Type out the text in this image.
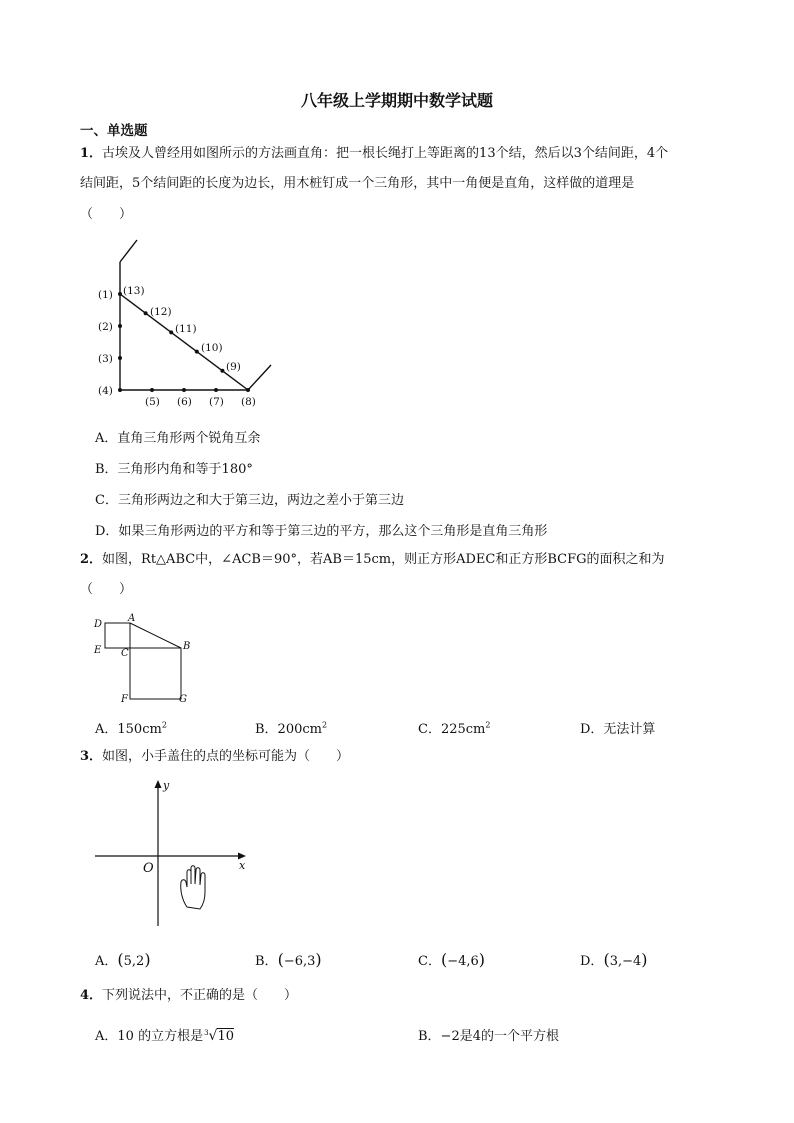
八年级上学期期中数学试题
一、单选题
1．古埃及人曾经用如图所示的方法画直角：把一根长绳打上等距离的13个结，然后以3个结间距，4个
结间距，5个结间距的长度为边长，用木桩钉成一个三角形，其中一角便是直角，这样做的道理是
（　　）
(1)
(2)
(3)
(4)
(5) (6) (7) (8)
(9)
(10)
(11)
(12)
(13)
A．直角三角形两个锐角互余
B．三角形内角和等于180°
C．三角形两边之和大于第三边，两边之差小于第三边
D．如果三角形两边的平方和等于第三边的平方，那么这个三角形是直角三角形
2．如图，Rt△ABC中，∠ACB＝90°，若AB＝15cm，则正方形ADEC和正方形BCFG的面积之和为
（　　）
D
A
E C
B
F	G
A．$150cm^2$	B．$200cm^2$	C．$225cm^2$	D．无法计算
3．如图，小手盖住的点的坐标可能为（　　）
y
x
O
A．(5,2)	B．(−6,3)	C．(−4,6)	D．(3,−4)
4．下列说法中，不正确的是（　　）
A．10 的立方根是$^3$√10	B．−2是4的一个平方根
